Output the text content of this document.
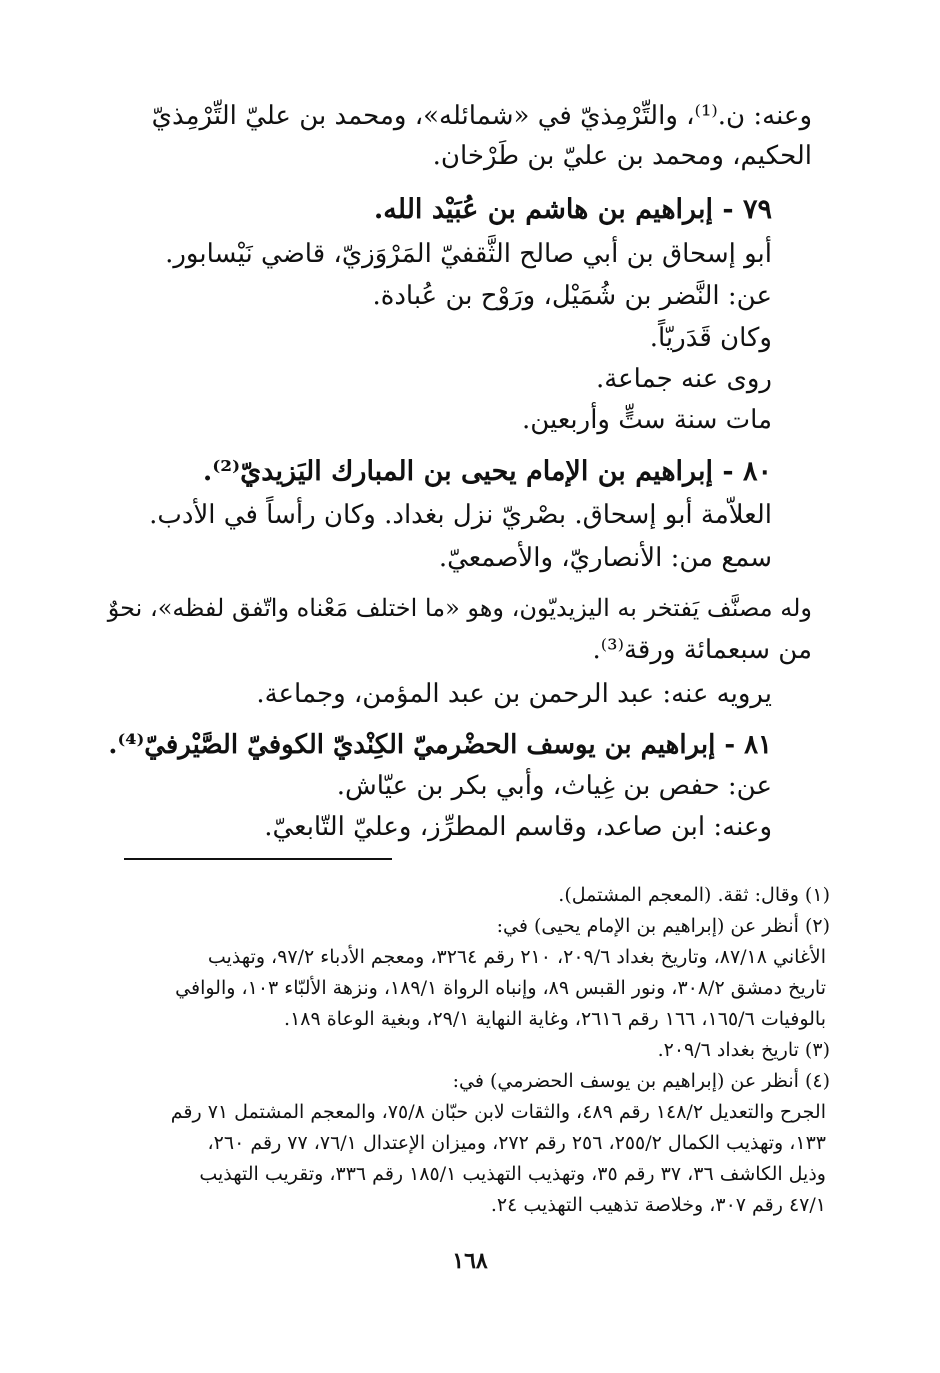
وعنه: ن.⁽¹⁾، والتِّرْمِذيّ في «شمائله»، ومحمد بن عليّ التِّرْمِذيّ
الحكيم، ومحمد بن عليّ بن طَرْخان.
٧٩ - إبراهيم بن هاشم بن عُبَيْد الله.
أبو إسحاق بن أبي صالح الثَّقفيّ المَرْوَزيّ، قاضي نَيْسابور.
عن: النَّضر بن شُمَيْل، ورَوْح بن عُبادة.
وكان قَدَريّاً.
روى عنه جماعة.
مات سنة ستٍّ وأربعين.
٨٠ - إبراهيم بن الإمام يحيى بن المبارك اليَزيديّ⁽²⁾.
العلاّمة أبو إسحاق. بصْريّ نزل بغداد. وكان رأساً في الأدب.
سمع من: الأنصاريّ، والأصمعيّ.
وله مصنَّف يَفتخر به اليزيديّون، وهو «ما اختلف مَعْناه واتّفق لفظه»، نحوٌ
من سبعمائة ورقة⁽³⁾.
يرويه عنه: عبد الرحمن بن عبد المؤمن، وجماعة.
٨١ - إبراهيم بن يوسف الحضْرميّ الكِنْديّ الكوفيّ الصَّيْرفيّ⁽⁴⁾.
عن: حفص بن غِياث، وأبي بكر بن عيّاش.
وعنه: ابن صاعد، وقاسم المطرِّز، وعليّ التّابعيّ.
(١) وقال: ثقة. (المعجم المشتمل).
(٢) أنظر عن (إبراهيم بن الإمام يحيى) في:
الأغاني ٨٧/١٨، وتاريخ بغداد ٢٠٩/٦، ٢١٠ رقم ٣٢٦٤، ومعجم الأدباء ٩٧/٢، وتهذيب
تاريخ دمشق ٣٠٨/٢، ونور القبس ٨٩، وإنباه الرواة ١٨٩/١، ونزهة الألبّاء ١٠٣، والوافي
بالوفيات ١٦٥/٦، ١٦٦ رقم ٢٦١٦، وغاية النهاية ٢٩/١، وبغية الوعاة ١٨٩.
(٣) تاريخ بغداد ٢٠٩/٦.
(٤) أنظر عن (إبراهيم بن يوسف الحضرمي) في:
الجرح والتعديل ١٤٨/٢ رقم ٤٨٩، والثقات لابن حبّان ٧٥/٨، والمعجم المشتمل ٧١ رقم
١٣٣، وتهذيب الكمال ٢٥٥/٢، ٢٥٦ رقم ٢٧٢، وميزان الإعتدال ٧٦/١، ٧٧ رقم ٢٦٠،
وذيل الكاشف ٣٦، ٣٧ رقم ٣٥، وتهذيب التهذيب ١٨٥/١ رقم ٣٣٦، وتقريب التهذيب
٤٧/١ رقم ٣٠٧، وخلاصة تذهيب التهذيب ٢٤.
١٦٨
